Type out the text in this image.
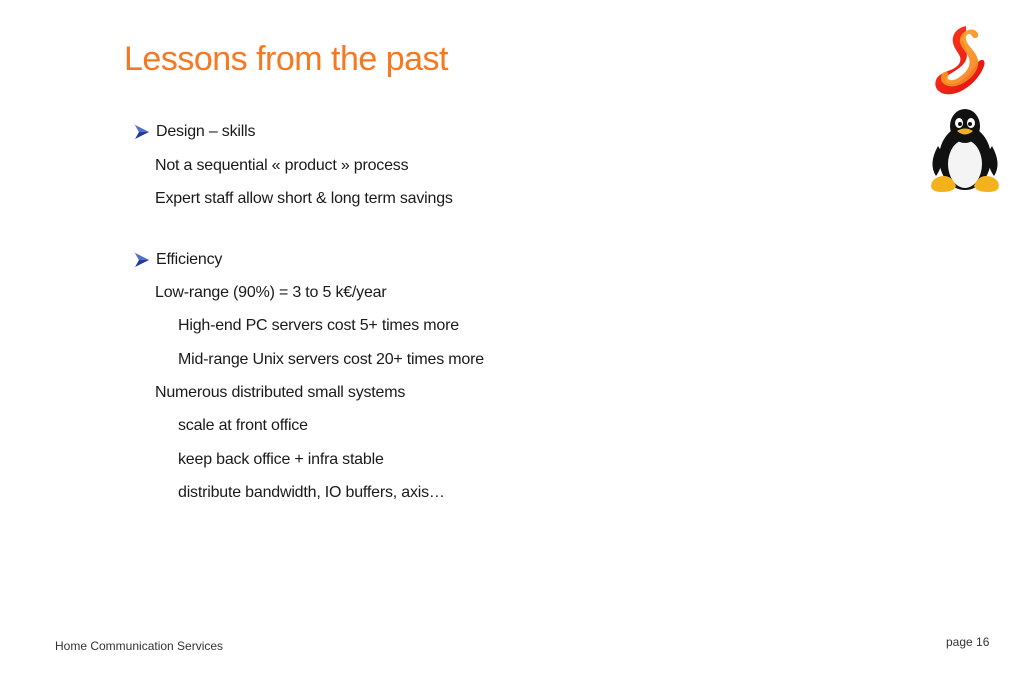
Lessons from the past
Design – skills
Not a sequential « product » process
Expert staff allow short & long term savings
Efficiency
Low-range (90%) = 3 to 5 k€/year
High-end PC servers cost 5+ times more
Mid-range Unix servers cost 20+ times more
Numerous distributed small systems
scale at front office
keep back office + infra stable
distribute bandwidth, IO buffers, axis…
Home Communication Services	page 16
